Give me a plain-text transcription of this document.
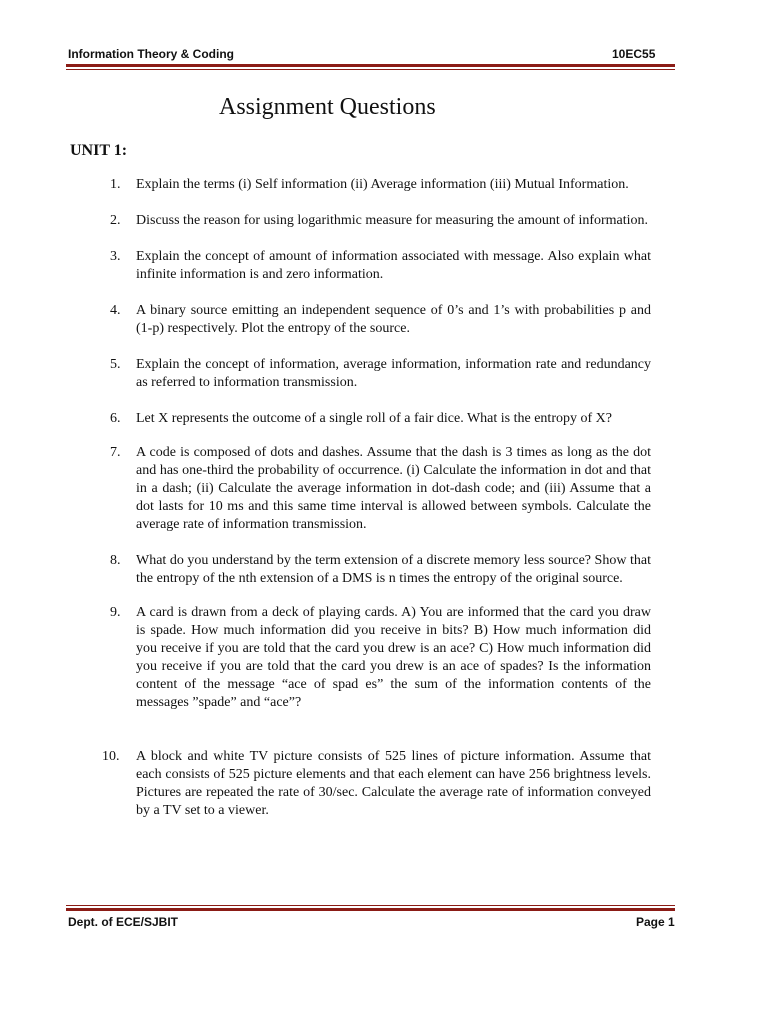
Information Theory & Coding	10EC55
Assignment Questions
UNIT 1:
1. Explain the terms (i) Self information (ii) Average information (iii) Mutual Information.
2. Discuss the reason for using logarithmic measure for measuring the amount of information.
3. Explain the concept of amount of information associated with message. Also explain what infinite information is and zero information.
4. A binary source emitting an independent sequence of 0’s and 1’s with probabilities p and (1-p) respectively. Plot the entropy of the source.
5. Explain the concept of information, average information, information rate and redundancy as referred to information transmission.
6. Let X represents the outcome of a single roll of a fair dice. What is the entropy of X?
7. A code is composed of dots and dashes. Assume that the dash is 3 times as long as the dot and has one-third the probability of occurrence. (i) Calculate the information in dot and that in a dash; (ii) Calculate the average information in dot-dash code; and (iii) Assume that a dot lasts for 10 ms and this same time interval is allowed between symbols. Calculate the average rate of information transmission.
8. What do you understand by the term extension of a discrete memory less source? Show that the entropy of the nth extension of a DMS is n times the entropy of the original source.
9. A card is drawn from a deck of playing cards. A) You are informed that the card you draw is spade. How much information did you receive in bits? B) How much information did you receive if you are told that the card you drew is an ace? C) How much information did you receive if you are told that the card you drew is an ace of spades? Is the information content of the message “ace of spad es” the sum of the information contents of the messages ”spade” and “ace”?
10. A block and white TV picture consists of 525 lines of picture information. Assume that each consists of 525 picture elements and that each element can have 256 brightness levels. Pictures are repeated the rate of 30/sec. Calculate the average rate of information conveyed by a TV set to a viewer.
Dept. of ECE/SJBIT	Page 1
